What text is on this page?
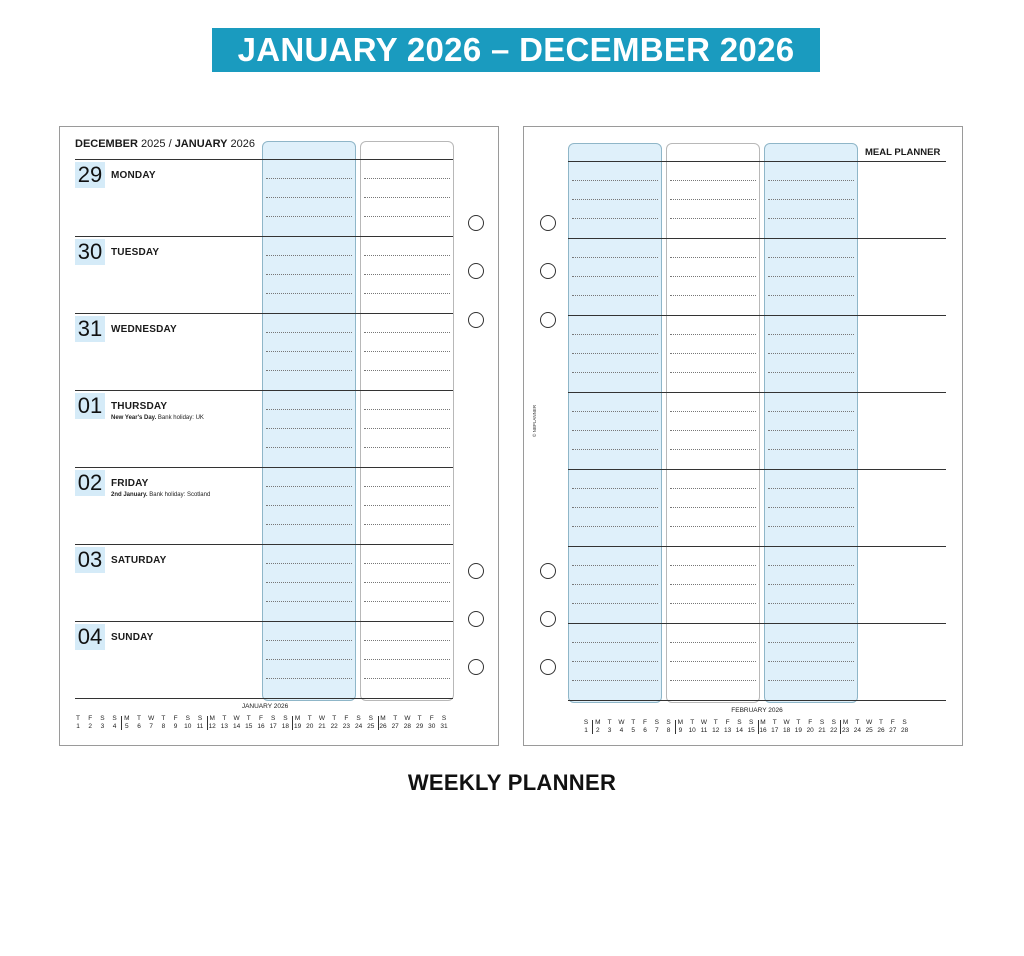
JANUARY 2026 – DECEMBER 2026
DECEMBER 2025 / JANUARY 2026
29 MONDAY
30 TUESDAY
31 WEDNESDAY
01 THURSDAY
New Year's Day. Bank holiday: UK
02 FRIDAY
2nd January. Bank holiday: Scotland
03 SATURDAY
04 SUNDAY
JANUARY 2026
T
1
F
2
S
3
S
4
M
5
T
6
W
7
T
8
F
9
S
10
S
11
M
12
T
13
W
14
T
15
F
16
S
17
S
18
M
19
T
20
W
21
T
22
F
23
S
24
S
25
M
26
T
27
W
28
T
29
F
30
S
31
MEAL PLANNER
© NBPLANNER
FEBRUARY 2026
S
1
M
2
T
3
W
4
T
5
F
6
S
7
S
8
M
9
T
10
W
11
T
12
F
13
S
14
S
15
M
16
T
17
W
18
T
19
F
20
S
21
S
22
M
23
T
24
W
25
T
26
F
27
S
28
WEEKLY PLANNER
